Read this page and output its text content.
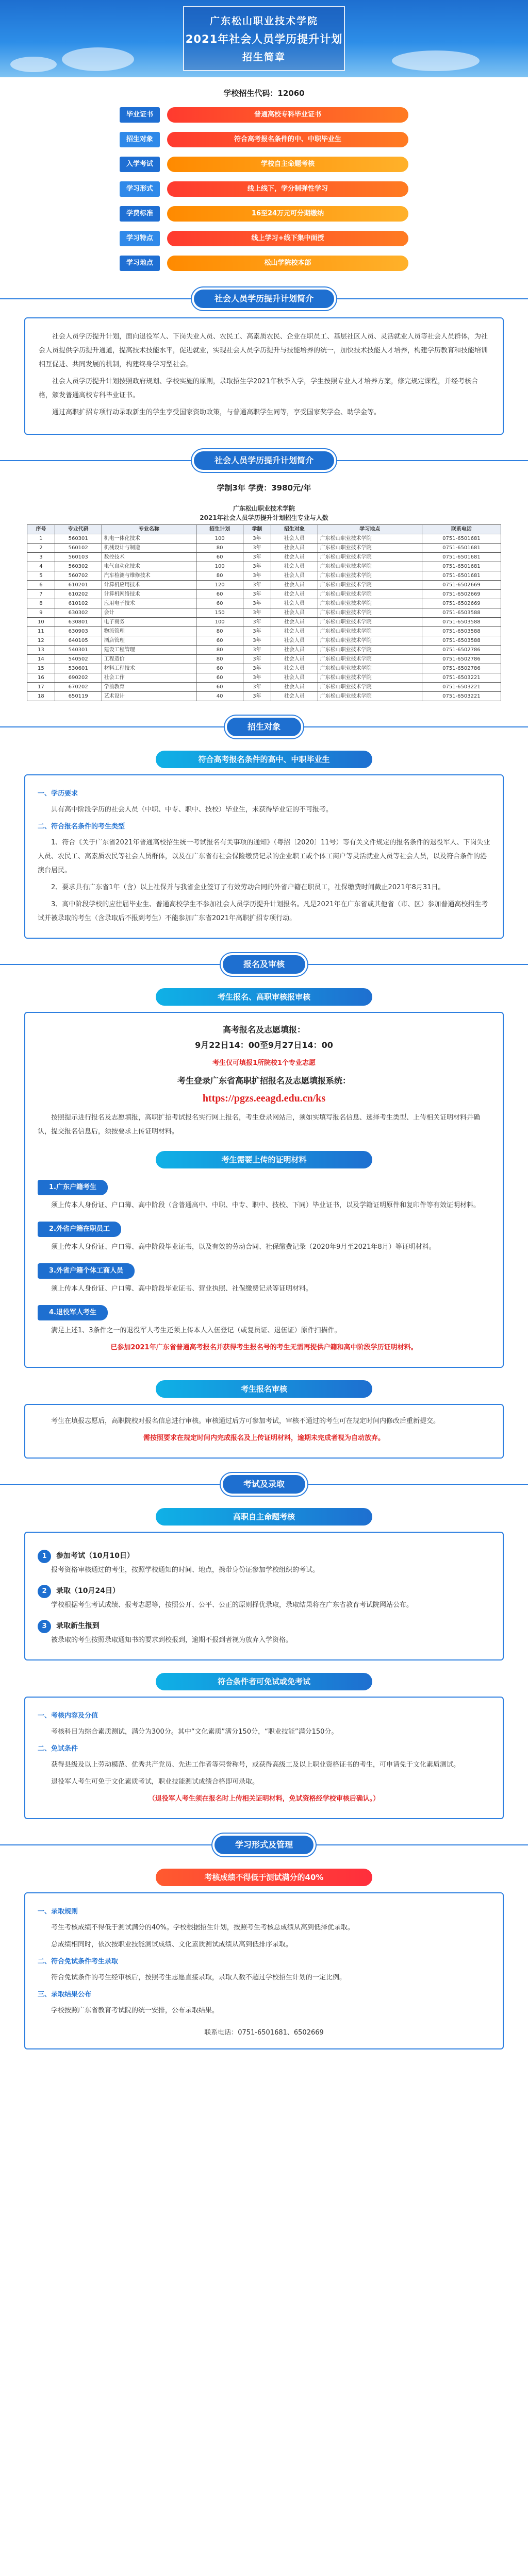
广东松山职业技术学院
2021年社会人员学历提升计划
招生简章
学校招生代码：12060
毕业证书	普通高校专科毕业证书
招生对象	符合高考报名条件的中、中职毕业生
入学考试	学校自主命题考核
学习形式	线上线下，学分制弹性学习
学费标准	16至24万元可分期缴纳
学习特点	线上学习+线下集中面授
学习地点	松山学院校本部
社会人员学历提升计划简介

社会人员学历提升计划，面向退役军人、下岗失业人员、农民工、高素质农民、企业在职员工、基层社区人员、灵活就业人员等社会人员群体，为社会人员提供学历提升通道，提高技术技能水平，促进就业，实现社会人员学历提升与技能培养的统一，加快技术技能人才培养，构建学历教育和技能培训相互促进、共同发展的机制，构建终身学习型社会。

社会人员学历提升计划按照政府规划、学校实施的原则，录取招生学2021年秋季入学，学生按照专业人才培养方案，修完规定课程，并经考核合格，颁发普通高校专科毕业证书。

通过高职扩招专项行动录取新生的学生享受国家资助政策，与普通高职学生同等，享受国家奖学金、助学金等。

社会人员学历提升计划简介
学制3年 学费：3980元/年
广东松山职业技术学院
2021年社会人员学历提升计划招生专业与人数
序号	专业代码	专业名称	招生计划	学制	招生对象	学习地点	联系电话
1	560301	机电一体化技术	100	3年	社会人员	广东松山职业技术学院	0751-6501681
2	560102	机械设计与制造	80	3年	社会人员	广东松山职业技术学院	0751-6501681
3	560103	数控技术	60	3年	社会人员	广东松山职业技术学院	0751-6501681
4	560302	电气自动化技术	100	3年	社会人员	广东松山职业技术学院	0751-6501681
5	560702	汽车检测与维修技术	80	3年	社会人员	广东松山职业技术学院	0751-6501681
6	610201	计算机应用技术	120	3年	社会人员	广东松山职业技术学院	0751-6502669
7	610202	计算机网络技术	60	3年	社会人员	广东松山职业技术学院	0751-6502669
8	610102	应用电子技术	60	3年	社会人员	广东松山职业技术学院	0751-6502669
9	630302	会计	150	3年	社会人员	广东松山职业技术学院	0751-6503588
10	630801	电子商务	100	3年	社会人员	广东松山职业技术学院	0751-6503588
11	630903	物流管理	80	3年	社会人员	广东松山职业技术学院	0751-6503588
12	640105	酒店管理	60	3年	社会人员	广东松山职业技术学院	0751-6503588
13	540301	建设工程管理	80	3年	社会人员	广东松山职业技术学院	0751-6502786
14	540502	工程造价	80	3年	社会人员	广东松山职业技术学院	0751-6502786
15	530601	材料工程技术	60	3年	社会人员	广东松山职业技术学院	0751-6502786
16	690202	社会工作	60	3年	社会人员	广东松山职业技术学院	0751-6503221
17	670202	学前教育	60	3年	社会人员	广东松山职业技术学院	0751-6503221
18	650119	艺术设计	40	3年	社会人员	广东松山职业技术学院	0751-6503221
招生对象
符合高考报名条件的高中、中职毕业生
一、学历要求

具有高中阶段学历的社会人员（中职、中专、职中、技校）毕业生，未获得毕业证的不可报考。

二、符合报名条件的考生类型

1、符合《关于广东省2021年普通高校招生统一考试报名有关事项的通知》（粤招〔2020〕11号）等有关文件规定的报名条件的退役军人、下岗失业人员、农民工、高素质农民等社会人员群体，以及在广东省有社会保险缴费记录的企业职工或个体工商户等灵活就业人员等社会人员，以及符合条件的港澳台居民。

2、要求具有广东省1年（含）以上社保并与我省企业签订了有效劳动合同的外省户籍在职员工，社保缴费时间截止2021年8月31日。

3、高中阶段学校的应往届毕业生、普通高校学生不参加社会人员学历提升计划报名。凡是2021年在广东省或其他省（市、区）参加普通高校招生考试并被录取的考生（含录取后不报到考生）不能参加广东省2021年高职扩招专项行动。

报名及审核
考生报名、高职审核报审核
高考报名及志愿填报：
9月22日14：00至9月27日14：00
考生仅可填报1所院校1个专业志愿
考生登录广东省高职扩招报名及志愿填报系统：
https://pgzs.eeagd.edu.cn/ks

按照提示进行报名及志愿填报，高职扩招考试报名实行网上报名，考生登录网站后，须如实填写报名信息、选择考生类型、上传相关证明材料并确认，提交报名信息后，须按要求上传证明材料。

考生需要上传的证明材料
1.广东户籍考生

须上传本人身份证、户口簿、高中阶段（含普通高中、中职、中专、职中、技校、下同）毕业证书，以及学籍证明原件和复印件等有效证明材料。

2.外省户籍在职员工

须上传本人身份证、户口簿、高中阶段毕业证书，以及有效的劳动合同、社保缴费记录（2020年9月至2021年8月）等证明材料。

3.外省户籍个体工商人员

须上传本人身份证、户口簿、高中阶段毕业证书、营业执照、社保缴费记录等证明材料。

4.退役军人考生

满足上述1、3条件之一的退役军人考生还须上传本人入伍登记（或复员证、退伍证）原件扫描件。

已参加2021年广东省普通高考报名并获得考生报名号的考生无需再提供户籍和高中阶段学历证明材料。
考生报名审核

考生在填报志愿后，高职院校对报名信息进行审核。审核通过后方可参加考试，审核不通过的考生可在规定时间内修改后重新提交。

需按照要求在规定时间内完成报名及上传证明材料，逾期未完成者视为自动放弃。
考试及录取
高职自主命题考核
1	参加考试（10月10日）

报考资格审核通过的考生，按照学校通知的时间、地点，携带身份证参加学校组织的考试。

2	录取（10月24日）

学校根据考生考试成绩、报考志愿等，按照公开、公平、公正的原则择优录取，录取结果将在广东省教育考试院网站公布。

3	录取新生报到

被录取的考生按照录取通知书的要求到校报到，逾期不报到者视为放弃入学资格。

符合条件者可免试或免考试
一、考核内容及分值

考核科目为综合素质测试，满分为300分。其中“文化素质”满分150分，“职业技能”满分150分。

二、免试条件

获得县级及以上劳动模范、优秀共产党员、先进工作者等荣誉称号，或获得高级工及以上职业资格证书的考生，可申请免于文化素质测试。

退役军人考生可免于文化素质考试，职业技能测试成绩合格即可录取。

（退役军人考生须在报名时上传相关证明材料，免试资格经学校审核后确认。）
学习形式及管理
考核成绩不得低于测试满分的40%
一、录取规则

考生考核成绩不得低于测试满分的40%。学校根据招生计划，按照考生考核总成绩从高到低择优录取。

总成绩相同时，依次按职业技能测试成绩、文化素质测试成绩从高到低排序录取。

二、符合免试条件考生录取

符合免试条件的考生经审核后，按照考生志愿直接录取，录取人数不超过学校招生计划的一定比例。

三、录取结果公布

学校按照广东省教育考试院的统一安排，公布录取结果。

联系电话：0751-6501681、6502669
